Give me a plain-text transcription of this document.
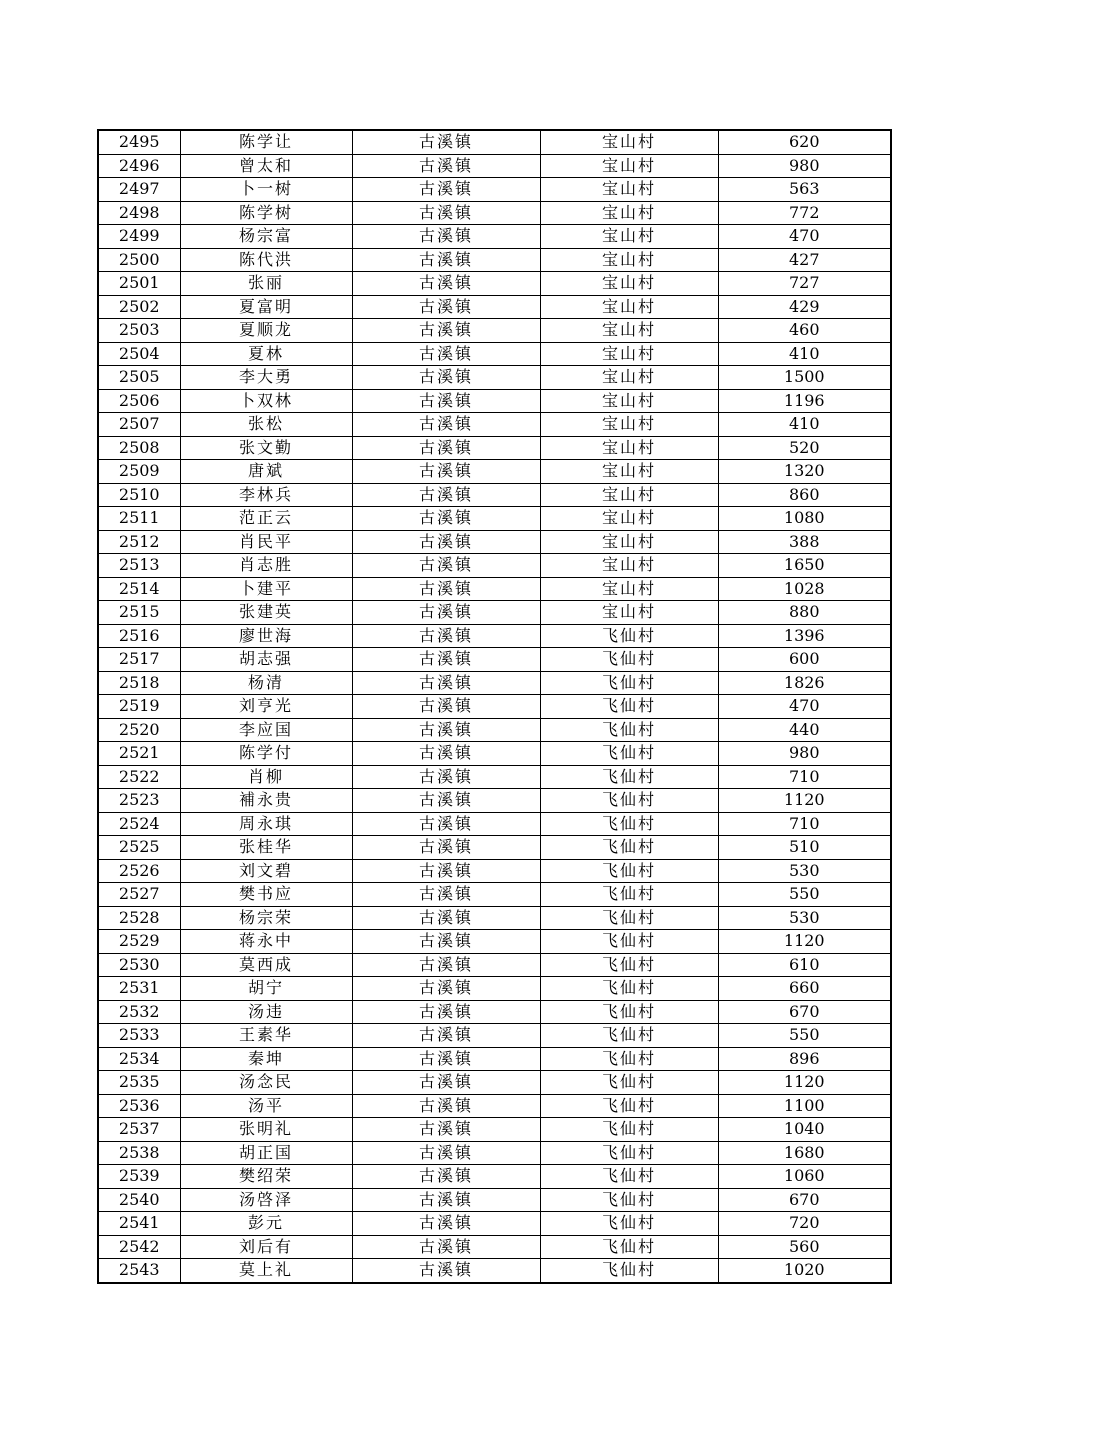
2495	陈学让	古溪镇	宝山村	620
2496	曾太和	古溪镇	宝山村	980
2497	卜一树	古溪镇	宝山村	563
2498	陈学树	古溪镇	宝山村	772
2499	杨宗富	古溪镇	宝山村	470
2500	陈代洪	古溪镇	宝山村	427
2501	张丽	古溪镇	宝山村	727
2502	夏富明	古溪镇	宝山村	429
2503	夏顺龙	古溪镇	宝山村	460
2504	夏林	古溪镇	宝山村	410
2505	李大勇	古溪镇	宝山村	1500
2506	卜双林	古溪镇	宝山村	1196
2507	张松	古溪镇	宝山村	410
2508	张文勤	古溪镇	宝山村	520
2509	唐斌	古溪镇	宝山村	1320
2510	李林兵	古溪镇	宝山村	860
2511	范正云	古溪镇	宝山村	1080
2512	肖民平	古溪镇	宝山村	388
2513	肖志胜	古溪镇	宝山村	1650
2514	卜建平	古溪镇	宝山村	1028
2515	张建英	古溪镇	宝山村	880
2516	廖世海	古溪镇	飞仙村	1396
2517	胡志强	古溪镇	飞仙村	600
2518	杨清	古溪镇	飞仙村	1826
2519	刘亨光	古溪镇	飞仙村	470
2520	李应国	古溪镇	飞仙村	440
2521	陈学付	古溪镇	飞仙村	980
2522	肖柳	古溪镇	飞仙村	710
2523	補永贵	古溪镇	飞仙村	1120
2524	周永琪	古溪镇	飞仙村	710
2525	张桂华	古溪镇	飞仙村	510
2526	刘文碧	古溪镇	飞仙村	530
2527	樊书应	古溪镇	飞仙村	550
2528	杨宗荣	古溪镇	飞仙村	530
2529	蒋永中	古溪镇	飞仙村	1120
2530	莫西成	古溪镇	飞仙村	610
2531	胡宁	古溪镇	飞仙村	660
2532	汤违	古溪镇	飞仙村	670
2533	王素华	古溪镇	飞仙村	550
2534	秦坤	古溪镇	飞仙村	896
2535	汤念民	古溪镇	飞仙村	1120
2536	汤平	古溪镇	飞仙村	1100
2537	张明礼	古溪镇	飞仙村	1040
2538	胡正国	古溪镇	飞仙村	1680
2539	樊绍荣	古溪镇	飞仙村	1060
2540	汤啓泽	古溪镇	飞仙村	670
2541	彭元	古溪镇	飞仙村	720
2542	刘后有	古溪镇	飞仙村	560
2543	莫上礼	古溪镇	飞仙村	1020
